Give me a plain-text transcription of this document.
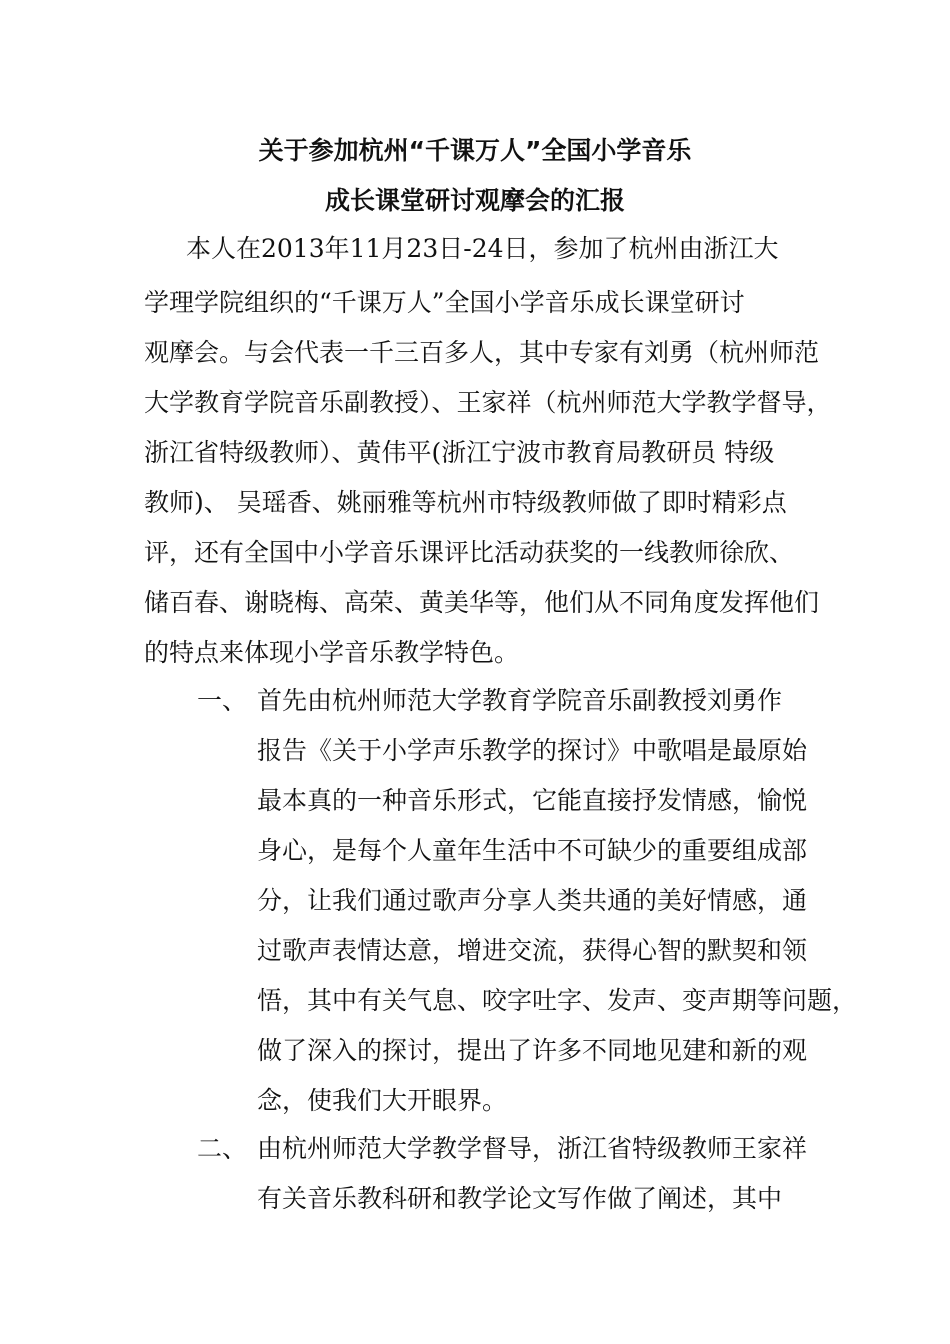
关于参加杭州“千课万人”全国小学音乐
成长课堂研讨观摩会的汇报

本人在2013年11月23日-24日，参加了杭州由浙江大

学理学院组织的“千课万人”全国小学音乐成长课堂研讨

观摩会。与会代表一千三百多人，其中专家有刘勇（杭州师范

大学教育学院音乐副教授）、王家祥（杭州师范大学教学督导，

浙江省特级教师）、黄伟平(浙江宁波市教育局教研员 特级

教师)、 吴瑶香、姚丽雅等杭州市特级教师做了即时精彩点

评，还有全国中小学音乐课评比活动获奖的一线教师徐欣、

储百春、谢晓梅、高荣、黄美华等，他们从不同角度发挥他们

的特点来体现小学音乐教学特色。

一、 首先由杭州师范大学教育学院音乐副教授刘勇作

报告《关于小学声乐教学的探讨》中歌唱是最原始

最本真的一种音乐形式，它能直接抒发情感，愉悦

身心，是每个人童年生活中不可缺少的重要组成部

分，让我们通过歌声分享人类共通的美好情感，通

过歌声表情达意，增进交流，获得心智的默契和领

悟，其中有关气息、咬字吐字、发声、变声期等问题，

做了深入的探讨，提出了许多不同地见建和新的观

念，使我们大开眼界。

二、 由杭州师范大学教学督导，浙江省特级教师王家祥

有关音乐教科研和教学论文写作做了阐述，其中
